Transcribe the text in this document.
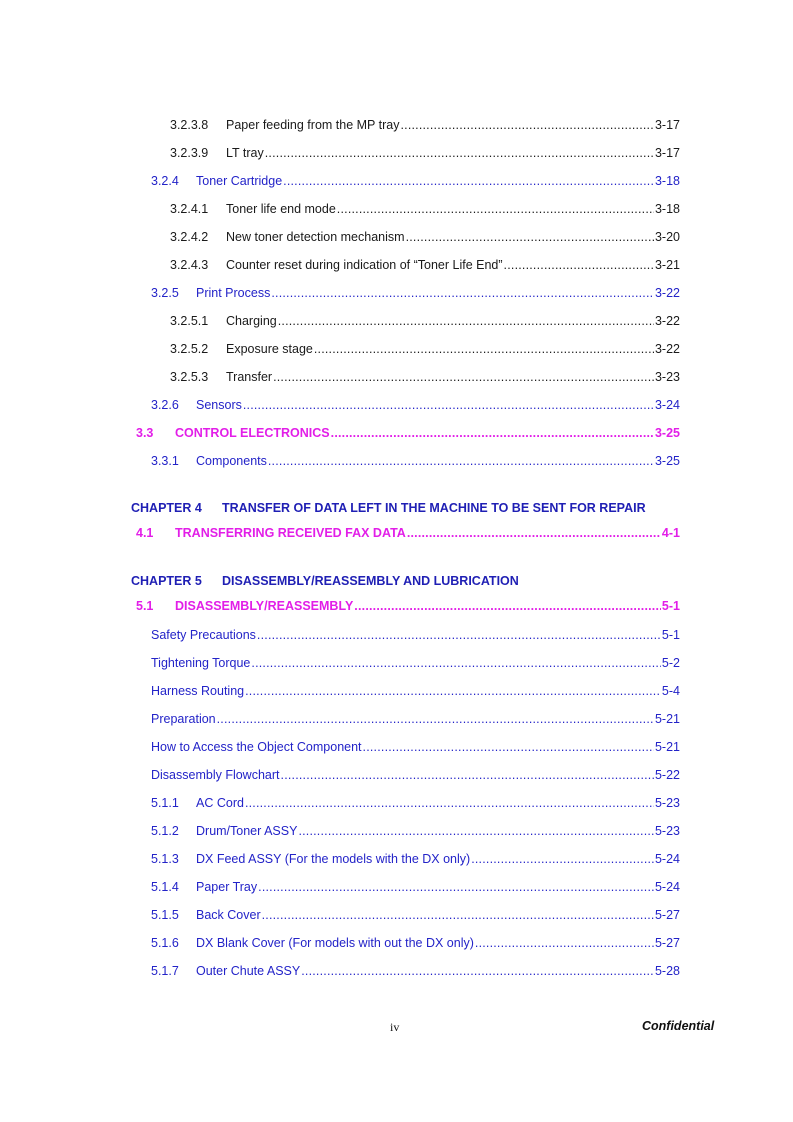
3.2.3.8	Paper feeding from the MP tray .....	3-17
3.2.3.9	LT tray .....	3-17
3.2.4	Toner Cartridge .....	3-18
3.2.4.1	Toner life end mode .....	3-18
3.2.4.2	New toner detection mechanism .....	3-20
3.2.4.3	Counter reset during indication of “Toner Life End” .....	3-21
3.2.5	Print Process .....	3-22
3.2.5.1	Charging .....	3-22
3.2.5.2	Exposure stage .....	3-22
3.2.5.3	Transfer .....	3-23
3.2.6	Sensors .....	3-24
3.3	CONTROL ELECTRONICS .....	3-25
3.3.1	Components .....	3-25
CHAPTER 4	TRANSFER OF DATA LEFT IN THE MACHINE TO BE SENT FOR REPAIR
4.1	TRANSFERRING RECEIVED FAX DATA .....	4-1
CHAPTER 5	DISASSEMBLY/REASSEMBLY AND LUBRICATION
5.1	DISASSEMBLY/REASSEMBLY .....	5-1
Safety Precautions .....	5-1
Tightening Torque .....	5-2
Harness Routing .....	5-4
Preparation .....	5-21
How to Access the Object Component .....	5-21
Disassembly Flowchart .....	5-22
5.1.1	AC Cord .....	5-23
5.1.2	Drum/Toner ASSY .....	5-23
5.1.3	DX Feed ASSY (For the models with the DX only) .....	5-24
5.1.4	Paper Tray .....	5-24
5.1.5	Back Cover .....	5-27
5.1.6	DX Blank Cover (For models with out the DX only) .....	5-27
5.1.7	Outer Chute ASSY .....	5-28
iv	Confidential
